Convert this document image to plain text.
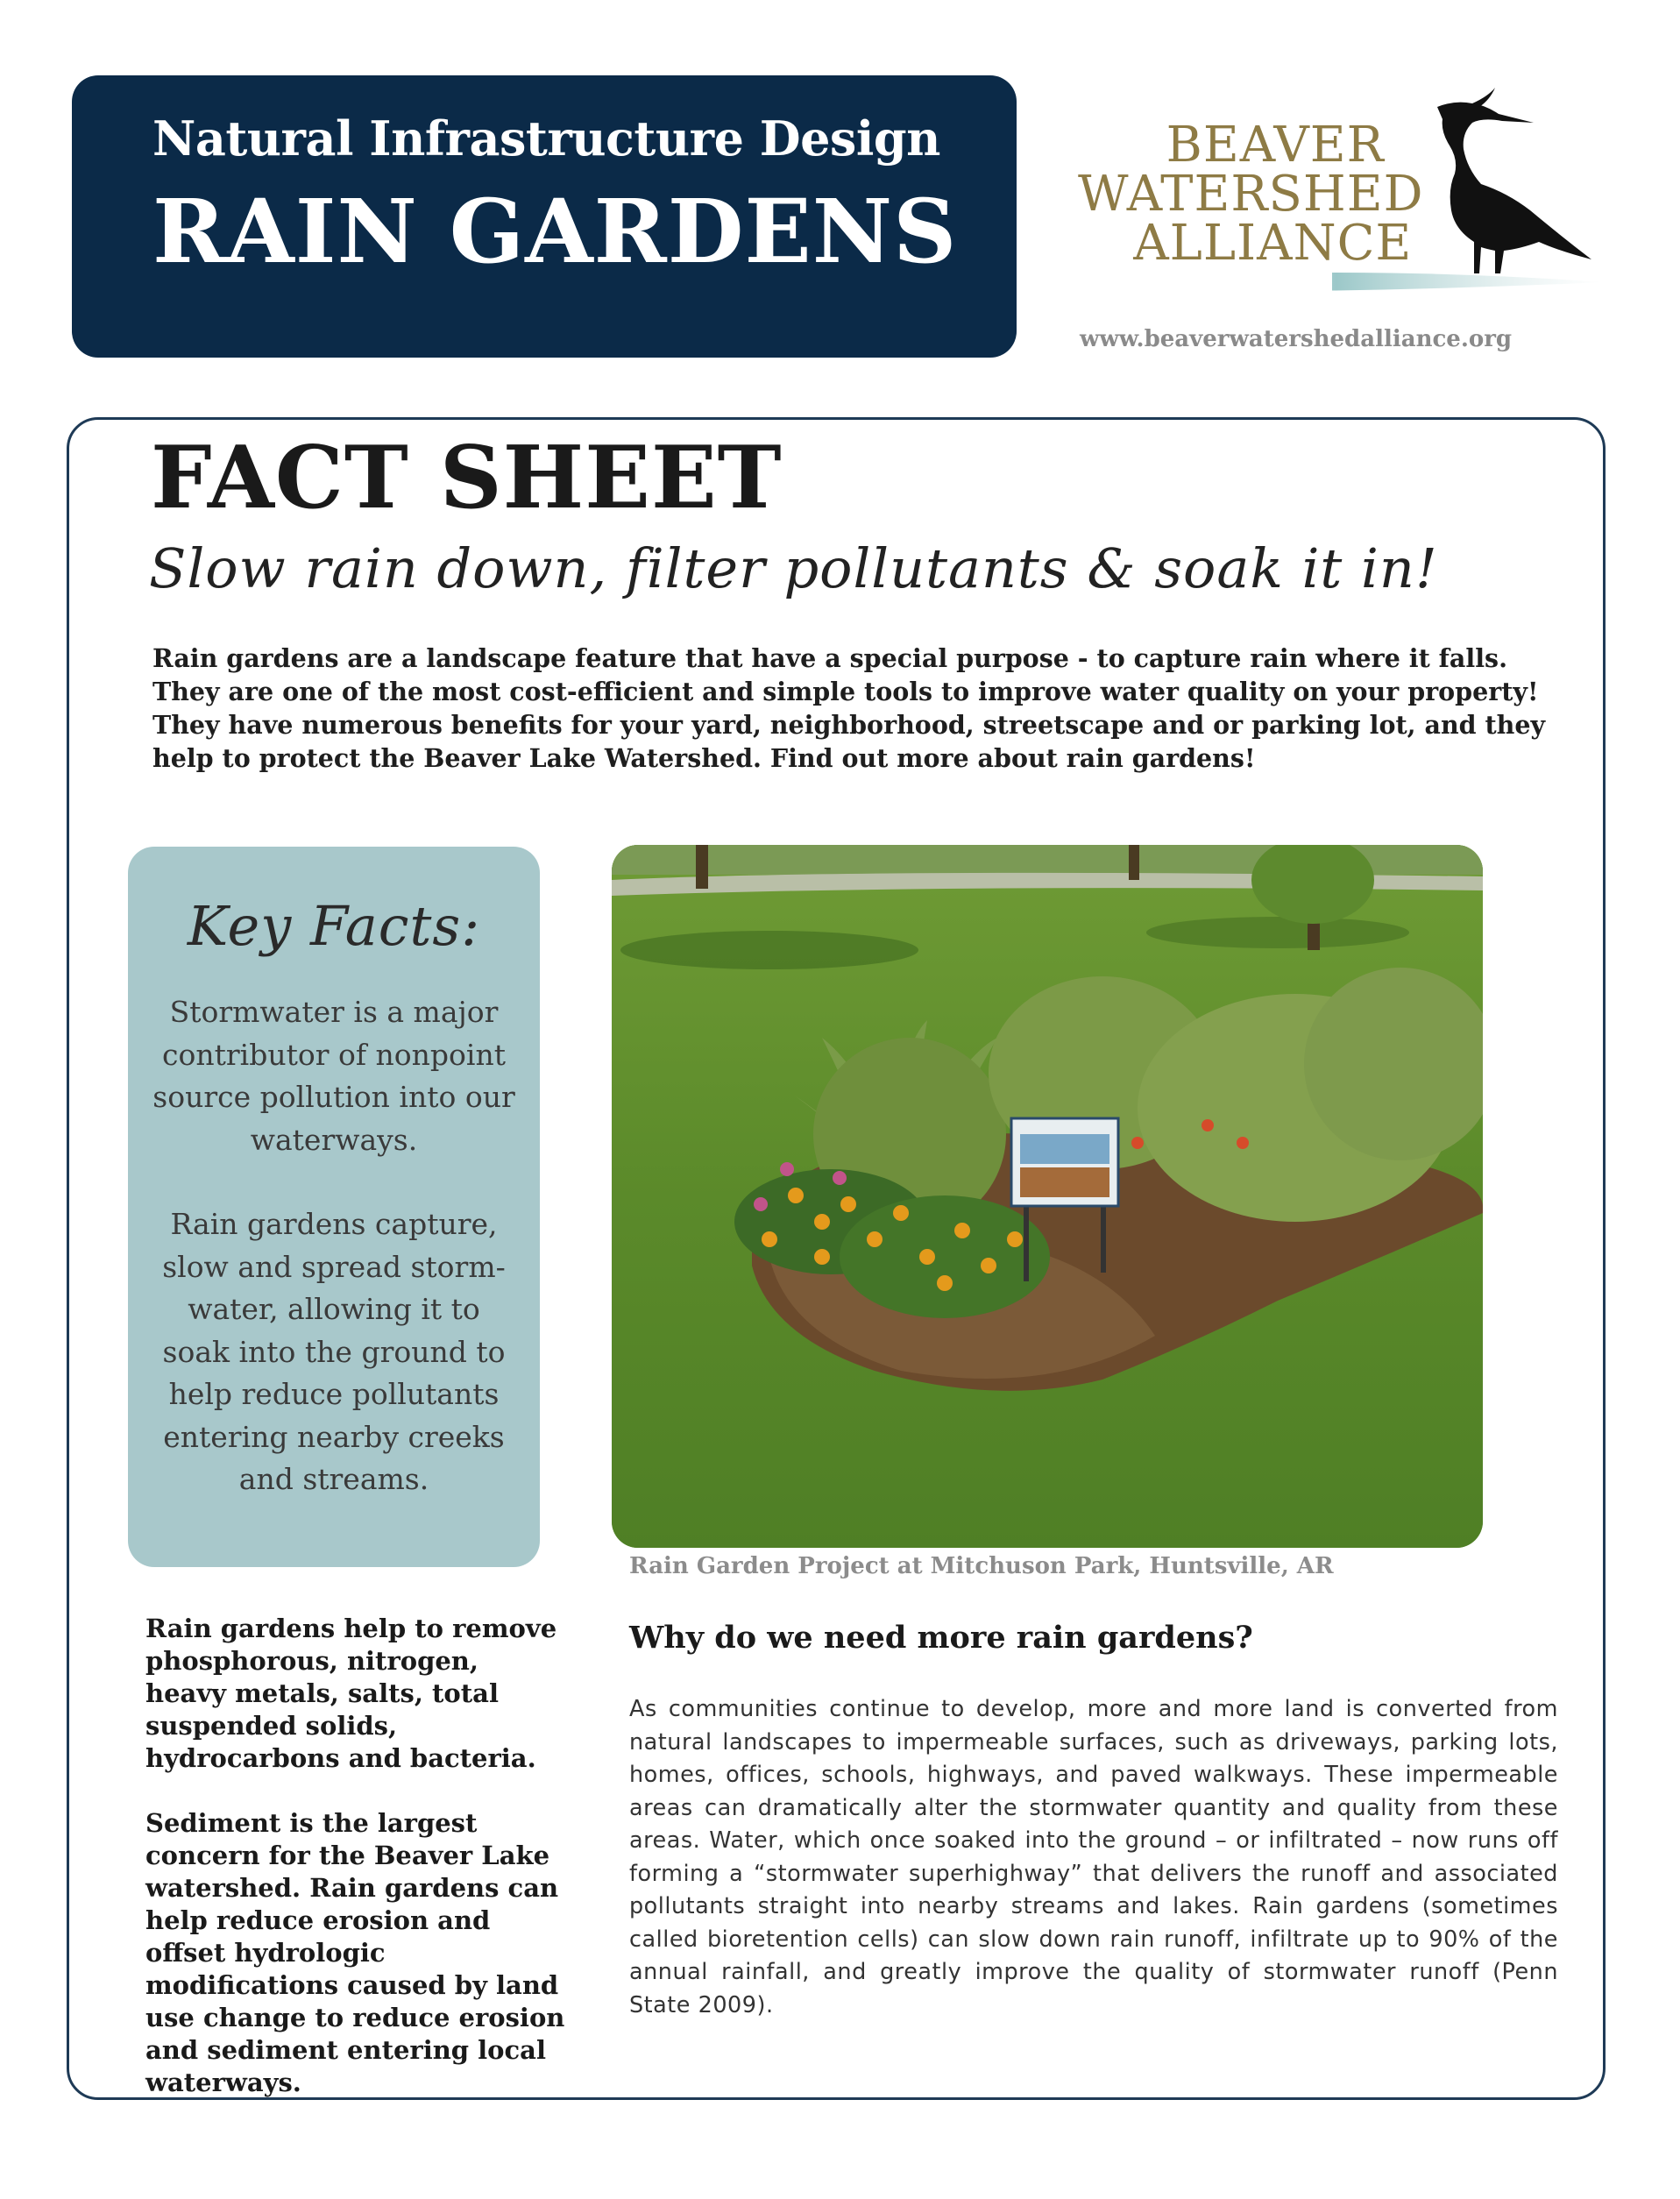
Natural Infrastructure Design
RAIN GARDENS
BEAVER
WATERSHED
ALLIANCE
www.beaverwatershedalliance.org
FACT SHEET
Slow rain down, filter pollutants & soak it in!
Rain gardens are a landscape feature that have a special purpose - to capture rain where it falls. They are one of the most cost-efficient and simple tools to improve water quality on your property! They have numerous benefits for your yard, neighborhood, streetscape and or parking lot, and they help to protect the Beaver Lake Watershed. Find out more about rain gardens!
Key Facts:

Stormwater is a major contributor of nonpoint source pollution into our waterways.

Rain gardens capture, slow and spread storm-water, allowing it to soak into the ground to help reduce pollutants entering nearby creeks and streams.

Rain Garden Project at Mitchuson Park, Huntsville, AR

Rain gardens help to remove phosphorous, nitrogen, heavy metals, salts, total suspended solids, hydrocarbons and bacteria.

Sediment is the largest concern for the Beaver Lake watershed. Rain gardens can help reduce erosion and offset hydrologic modifications caused by land use change to reduce erosion and sediment entering local waterways.

Why do we need more rain gardens?
As communities continue to develop, more and more land is converted from natural landscapes to impermeable surfaces, such as driveways, parking lots, homes, offices, schools, highways, and paved walkways. These impermeable areas can dramatically alter the stormwater quantity and quality from these areas. Water, which once soaked into the ground – or infiltrated – now runs off forming a “stormwater superhighway” that delivers the runoff and associated pollutants straight into nearby streams and lakes. Rain gardens (sometimes called bioretention cells) can slow down rain runoff, infiltrate up to 90% of the annual rainfall, and greatly improve the quality of stormwater runoff (Penn State 2009).
